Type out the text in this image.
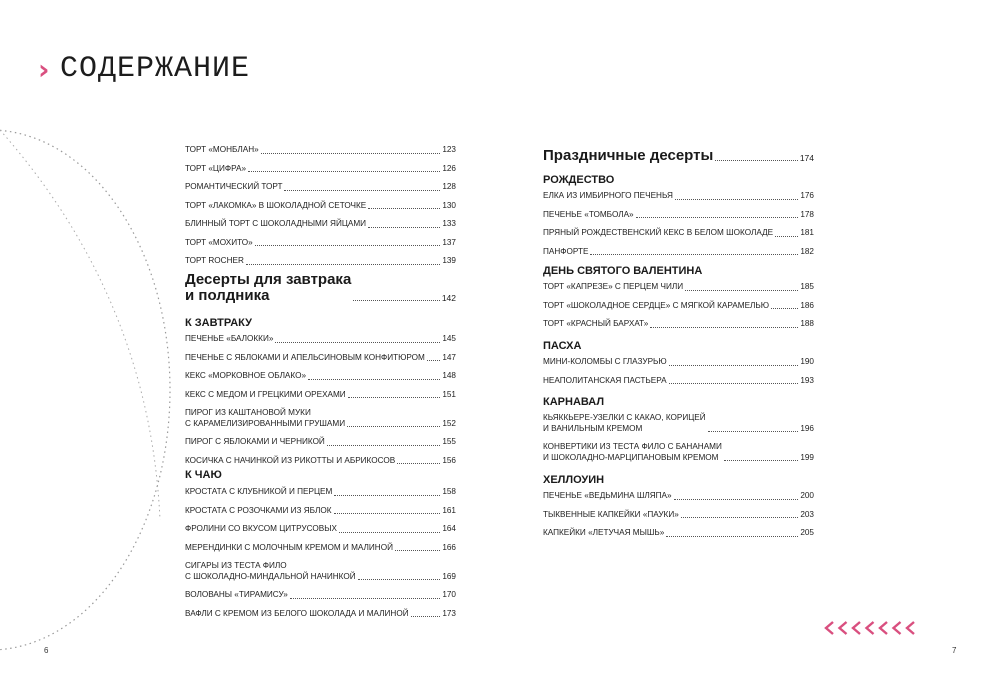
› СОДЕРЖАНИЕ
ТОРТ «МОНБЛАН»	123
ТОРТ «ЦИФРА»	126
РОМАНТИЧЕСКИЙ ТОРТ	128
ТОРТ «ЛАКОМКА» В ШОКОЛАДНОЙ СЕТОЧКЕ	130
БЛИННЫЙ ТОРТ С ШОКОЛАДНЫМИ ЯЙЦАМИ	133
ТОРТ «МОХИТО»	137
ТОРТ ROCHER	139
Десерты для завтрака
и полдника	142
К ЗАВТРАКУ
ПЕЧЕНЬЕ «БАЛОККИ»	145
ПЕЧЕНЬЕ С ЯБЛОКАМИ И АПЕЛЬСИНОВЫМ КОНФИТЮРОМ 147
КЕКС «МОРКОВНОЕ ОБЛАКО»	148
КЕКС С МЕДОМ И ГРЕЦКИМИ ОРЕХАМИ	151
ПИРОГ ИЗ КАШТАНОВОЙ МУКИ
С КАРАМЕЛИЗИРОВАННЫМИ ГРУШАМИ	152
ПИРОГ С ЯБЛОКАМИ И ЧЕРНИКОЙ	155
КОСИЧКА С НАЧИНКОЙ ИЗ РИКОТТЫ И АБРИКОСОВ	156
К ЧАЮ
КРОСТАТА С КЛУБНИКОЙ И ПЕРЦЕМ	158
КРОСТАТА С РОЗОЧКАМИ ИЗ ЯБЛОК	161
ФРОЛИНИ СО ВКУСОМ ЦИТРУСОВЫХ	164
МЕРЕНДИНКИ С МОЛОЧНЫМ КРЕМОМ И МАЛИНОЙ	166
СИГАРЫ ИЗ ТЕСТА ФИЛО
С ШОКОЛАДНО-МИНДАЛЬНОЙ НАЧИНКОЙ	169
ВОЛОВАНЫ «ТИРАМИСУ»	170
ВАФЛИ С КРЕМОМ ИЗ БЕЛОГО ШОКОЛАДА И МАЛИНОЙ	173
Праздничные десерты	174
РОЖДЕСТВО
ЕЛКА ИЗ ИМБИРНОГО ПЕЧЕНЬЯ	176
ПЕЧЕНЬЕ «ТОМБОЛА»	178
ПРЯНЫЙ РОЖДЕСТВЕНСКИЙ КЕКС В БЕЛОМ ШОКОЛАДЕ	181
ПАНФОРТЕ	182
ДЕНЬ СВЯТОГО ВАЛЕНТИНА
ТОРТ «КАПРЕЗЕ» С ПЕРЦЕМ ЧИЛИ	185
ТОРТ «ШОКОЛАДНОЕ СЕРДЦЕ» С МЯГКОЙ КАРАМЕЛЬЮ	186
ТОРТ «КРАСНЫЙ БАРХАТ»	188
ПАСХА
МИНИ-КОЛОМБЫ С ГЛАЗУРЬЮ	190
НЕАПОЛИТАНСКАЯ ПАСТЬЕРА	193
КАРНАВАЛ
КЬЯККЬЕРЕ-УЗЕЛКИ С КАКАО, КОРИЦЕЙ
И ВАНИЛЬНЫМ КРЕМОМ	196
КОНВЕРТИКИ ИЗ ТЕСТА ФИЛО С БАНАНАМИ
И ШОКОЛАДНО-МАРЦИПАНОВЫМ КРЕМОМ	199
ХЕЛЛОУИН
ПЕЧЕНЬЕ «ВЕДЬМИНА ШЛЯПА»	200
ТЫКВЕННЫЕ КАПКЕЙКИ «ПАУКИ»	203
КАПКЕЙКИ «ЛЕТУЧАЯ МЫШЬ»	205
6	7
